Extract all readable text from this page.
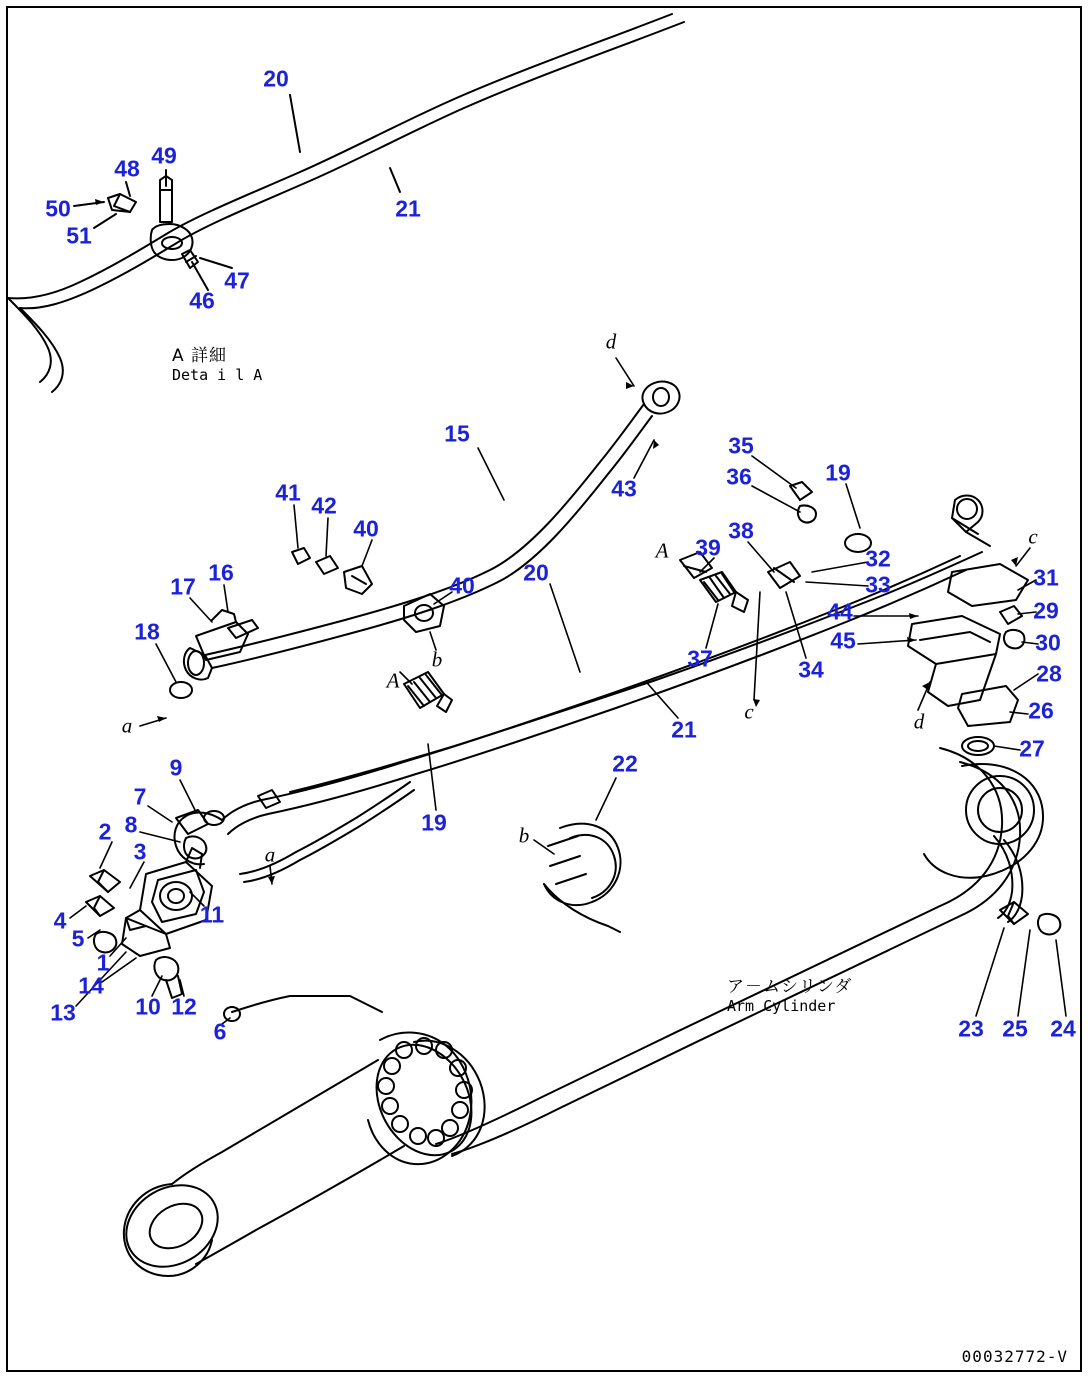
20
48 49
50
51
21
47
46
15
43
35
36	19
41 42
40	38
39	32
33	31
17
16	40 20
29
44
45	30
18
28
37	34
26
21
27
9
7
22
19
8
2
3
4
5
11
1
14
13	10 12
6	23 25 24
d
A
c
c	d
a
A
b
b
a
A 詳細
Deta i l A
ア－ムシリンダ
Arm Cylinder
00032772-V
